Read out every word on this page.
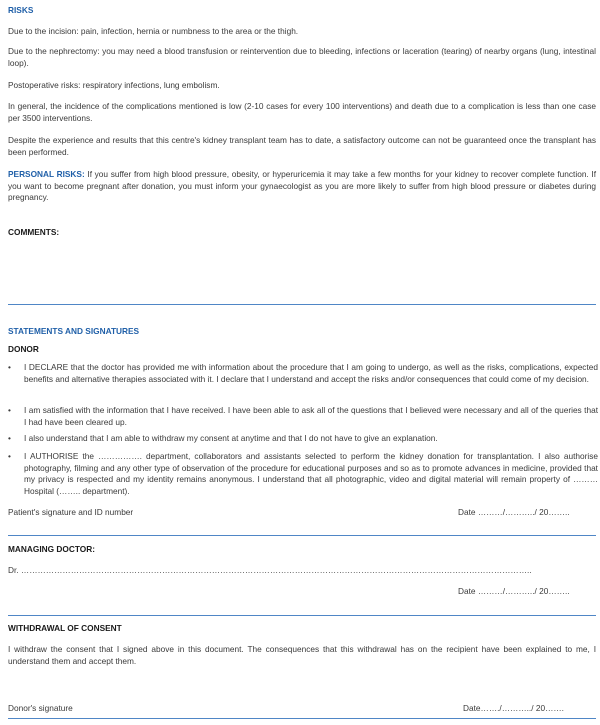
RISKS
Due to the incision: pain, infection, hernia or numbness to the area or the thigh.
Due to the nephrectomy: you may need a blood transfusion or reintervention due to bleeding, infections or laceration (tearing) of nearby organs (lung, intestinal loop).
Postoperative risks: respiratory infections, lung embolism.
In general, the incidence of the complications mentioned is low (2-10 cases for every 100 interventions) and death due to a complication is less than one case per 3500 interventions.
Despite the experience and results that this centre's kidney transplant team has to date, a satisfactory outcome can not be guaranteed once the transplant has been performed.

PERSONAL RISKS: If you suffer from high blood pressure, obesity, or hyperuricemia it may take a few months for your kidney to recover complete function. If you want to become pregnant after donation, you must inform your gynaecologist as you are more likely to suffer from high blood pressure or diabetes during pregnancy.

COMMENTS:
STATEMENTS AND SIGNATURES
DONOR
• I DECLARE that the doctor has provided me with information about the procedure that I am going to undergo, as well as the risks, complications, expected benefits and alternative therapies associated with it. I declare that I understand and accept the risks and/or consequences that could come of my decision.
• I am satisfied with the information that I have received. I have been able to ask all of the questions that I believed were necessary and all of the queries that I had have been cleared up.
• I also understand that I am able to withdraw my consent at anytime and that I do not have to give an explanation.
• I AUTHORISE the ……………. department, collaborators and assistants selected to perform the kidney donation for transplantation. I also authorise photography, filming and any other type of observation of the procedure for educational purposes and so as to promote advances in medicine, provided that my privacy is respected and my identity remains anonymous. I understand that all photographic, video and digital material will remain property of ……… Hospital (…….. department).
Patient's signature and ID number	Date ………/………../ 20……..
MANAGING DOCTOR:
Dr. …………………………………………………………………………………………………………………………………………………………………..
Date ………/………../ 20……..
WITHDRAWAL OF CONSENT
I withdraw the consent that I signed above in this document. The consequences that this withdrawal has on the recipient have been explained to me, I understand them and accept them.
Donor's signature	Date……./………../ 20…….
